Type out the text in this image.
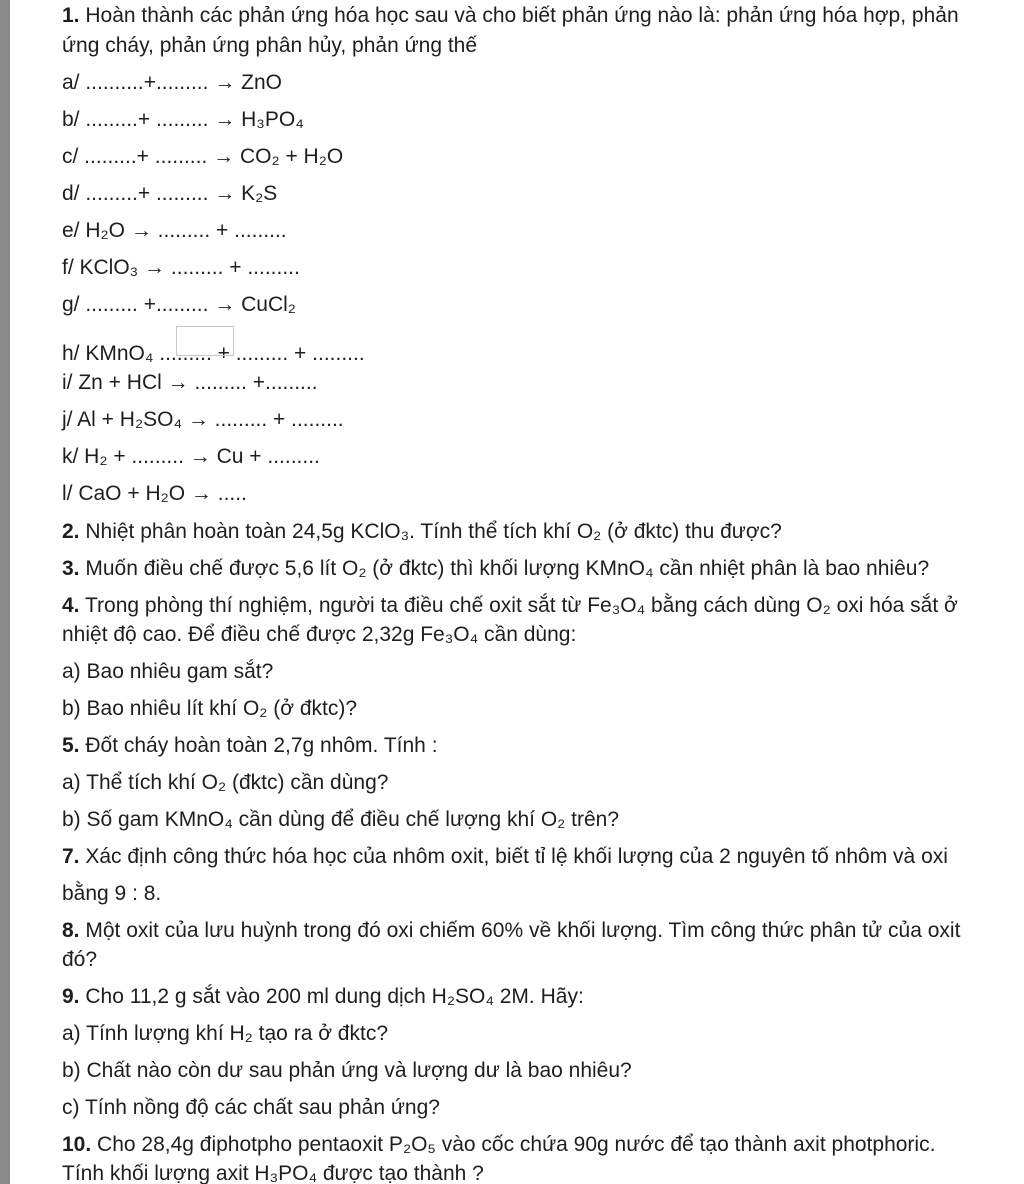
1. Hoàn thành các phản ứng hóa học sau và cho biết phản ứng nào là: phản ứng hóa hợp, phản
ứng cháy, phản ứng phân hủy, phản ứng thế
a/ ..........+......... → ZnO
b/ .........+ ......... → H₃PO₄
c/ .........+ ......... → CO₂ + H₂O
d/ .........+ ......... → K₂S
e/ H₂O → ......... + .........
f/ KClO₃ → ......... + .........
g/ ......... +......... → CuCl₂
h/ KMnO₄ ......... + ......... + .........
i/ Zn + HCl → ......... +.........
j/ Al + H₂SO₄ → ......... + .........
k/ H₂ + ......... → Cu + .........
l/ CaO + H₂O → .....
2. Nhiệt phân hoàn toàn 24,5g KClO₃. Tính thể tích khí O₂ (ở đktc) thu được?
3. Muốn điều chế được 5,6 lít O₂ (ở đktc) thì khối lượng KMnO₄ cần nhiệt phân là bao nhiêu?
4. Trong phòng thí nghiệm, người ta điều chế oxit sắt từ Fe₃O₄ bằng cách dùng O₂ oxi hóa sắt ở
nhiệt độ cao. Để điều chế được 2,32g Fe₃O₄ cần dùng:
a) Bao nhiêu gam sắt?
b) Bao nhiêu lít khí O₂ (ở đktc)?
5. Đốt cháy hoàn toàn 2,7g nhôm. Tính :
a) Thể tích khí O₂ (đktc) cần dùng?
b) Số gam KMnO₄ cần dùng để điều chế lượng khí O₂ trên?
7. Xác định công thức hóa học của nhôm oxit, biết tỉ lệ khối lượng của 2 nguyên tố nhôm và oxi
bằng 9 : 8.
8. Một oxit của lưu huỳnh trong đó oxi chiếm 60% về khối lượng. Tìm công thức phân tử của oxit
đó?
9. Cho 11,2 g sắt vào 200 ml dung dịch H₂SO₄ 2M. Hãy:
a) Tính lượng khí H₂ tạo ra ở đktc?
b) Chất nào còn dư sau phản ứng và lượng dư là bao nhiêu?
c) Tính nồng độ các chất sau phản ứng?
10. Cho 28,4g điphotpho pentaoxit P₂O₅ vào cốc chứa 90g nước để tạo thành axit photphoric.
Tính khối lượng axit H₃PO₄ được tạo thành ?
